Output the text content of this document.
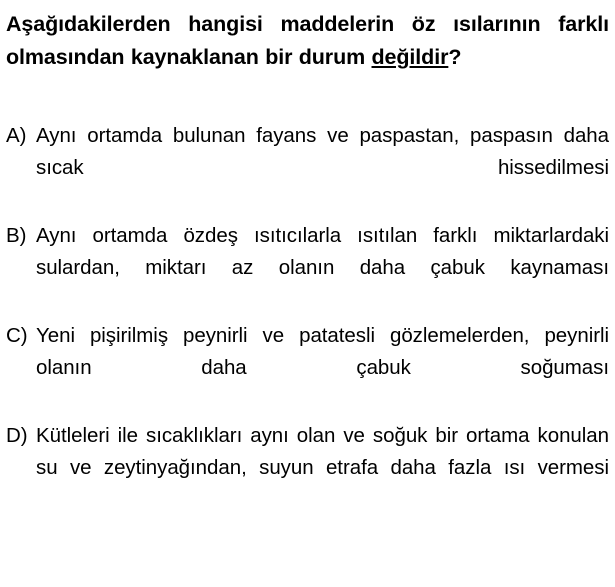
Aşağıdakilerden hangisi maddelerin öz ısılarının farklı olmasından kaynaklanan bir durum değildir?
A) Aynı ortamda bulunan fayans ve paspastan, paspasın daha sıcak hissedilmesi
B) Aynı ortamda özdeş ısıtıcılarla ısıtılan farklı miktarlardaki sulardan, miktarı az olanın daha çabuk kaynaması
C) Yeni pişirilmiş peynirli ve patatesli gözlemelerden, peynirli olanın daha çabuk soğuması
D) Kütleleri ile sıcaklıkları aynı olan ve soğuk bir ortama konulan su ve zeytinyağından, suyun etrafa daha fazla ısı vermesi
